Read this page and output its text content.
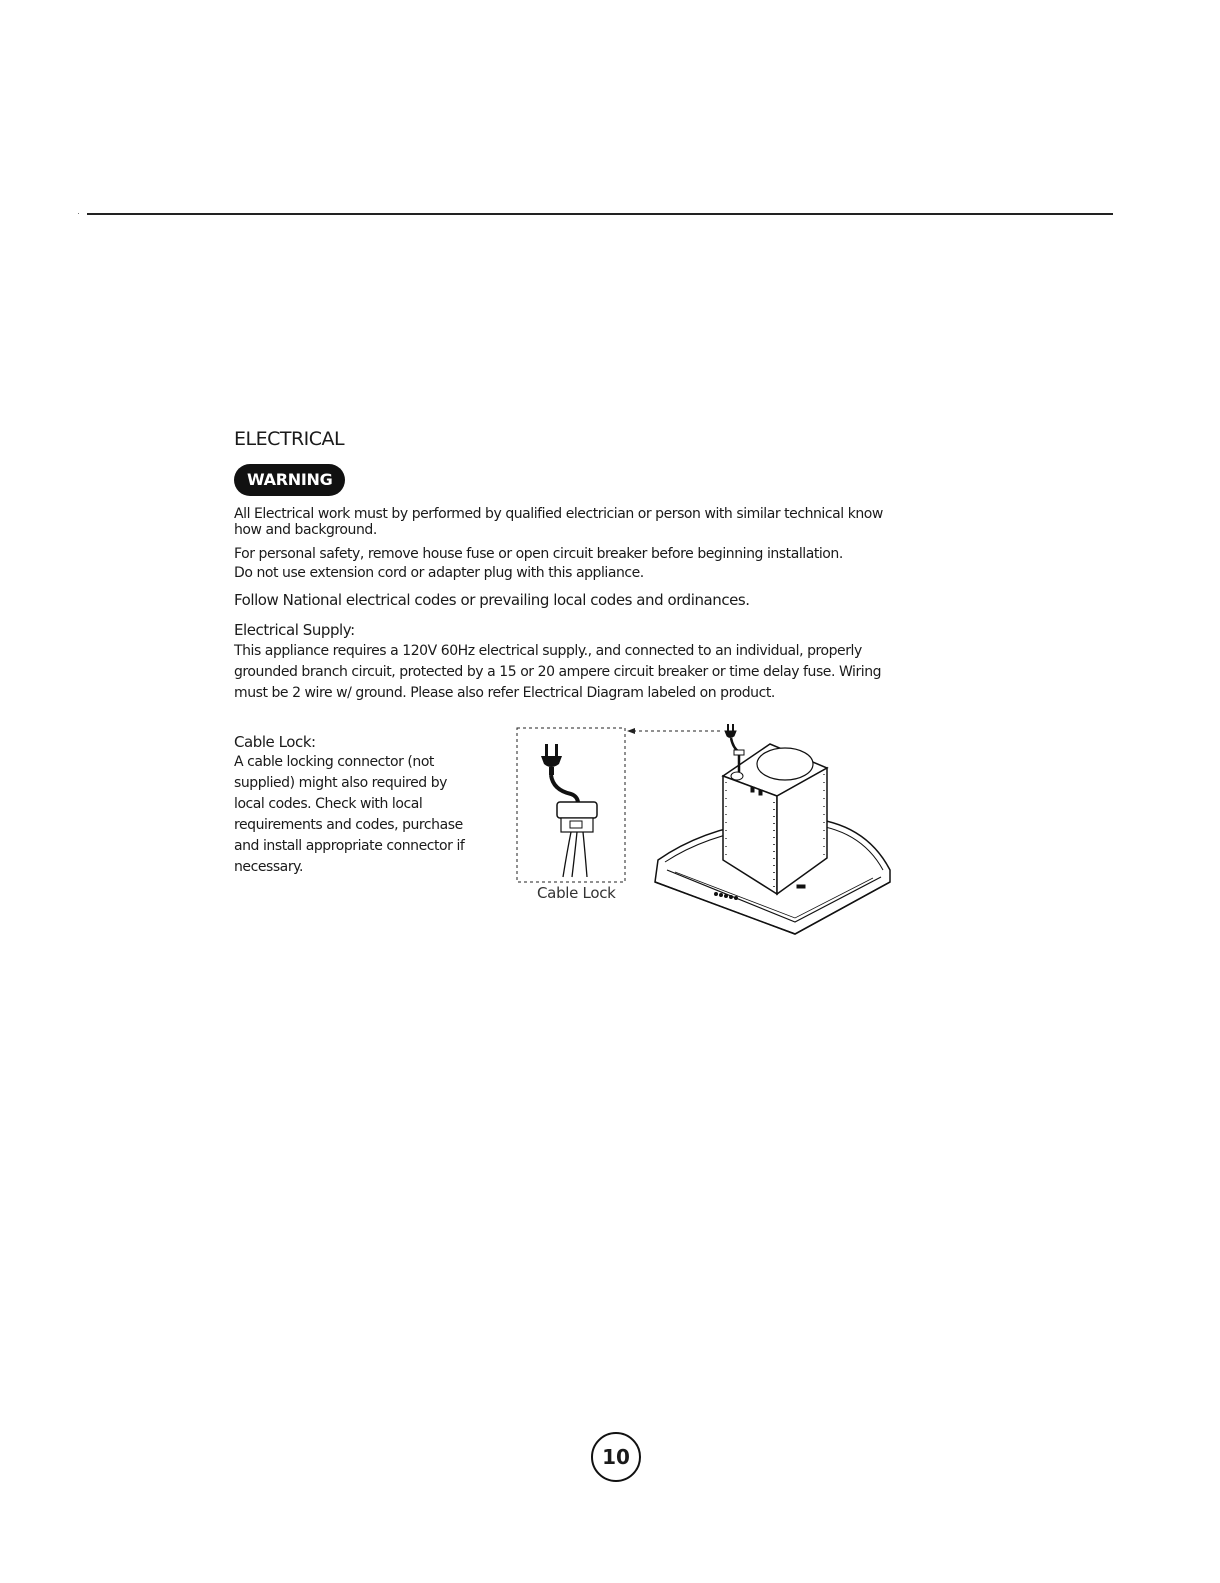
ELECTRICAL
WARNING

All Electrical work must by performed by qualified electrician or person with similar technical know how and background.

For personal safety, remove house fuse or open circuit breaker before beginning installation.

Do not use extension cord or adapter plug with this appliance.

Follow National electrical codes or prevailing local codes and ordinances.

Electrical Supply:

This appliance requires a 120V 60Hz electrical supply., and connected to an individual, properly grounded branch circuit, protected by a 15 or 20 ampere circuit breaker or time delay fuse. Wiring must be 2 wire w/ ground. Please also refer Electrical Diagram labeled on product.

Cable Lock:

A cable locking connector (not supplied) might also required by local codes. Check with local requirements and codes, purchase and install appropriate connector if necessary.

Cable Lock
10
